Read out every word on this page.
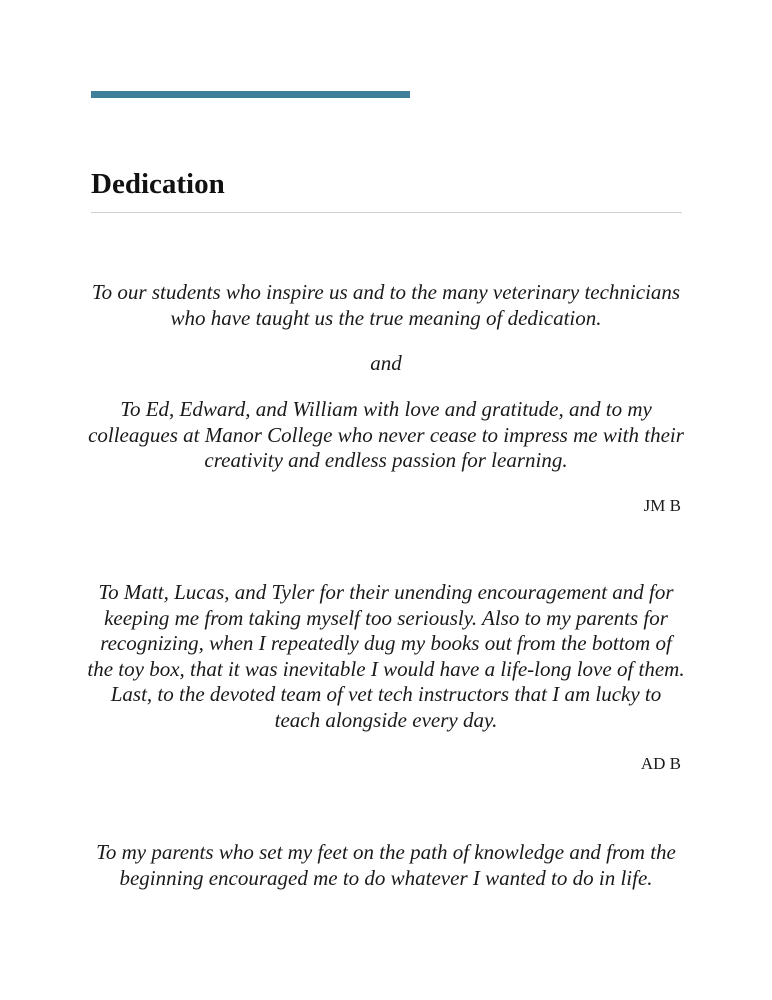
Dedication

To our students who inspire us and to the many veterinary technicians who have taught us the true meaning of dedication.

and

To Ed, Edward, and William with love and gratitude, and to my colleagues at Manor College who never cease to impress me with their creativity and endless passion for learning.

JM B

To Matt, Lucas, and Tyler for their unending encouragement and for keeping me from taking myself too seriously. Also to my parents for recognizing, when I repeatedly dug my books out from the bottom of the toy box, that it was inevitable I would have a life-long love of them. Last, to the devoted team of vet tech instructors that I am lucky to teach alongside every day.

AD B

To my parents who set my feet on the path of knowledge and from the beginning encouraged me to do whatever I wanted to do in life.
